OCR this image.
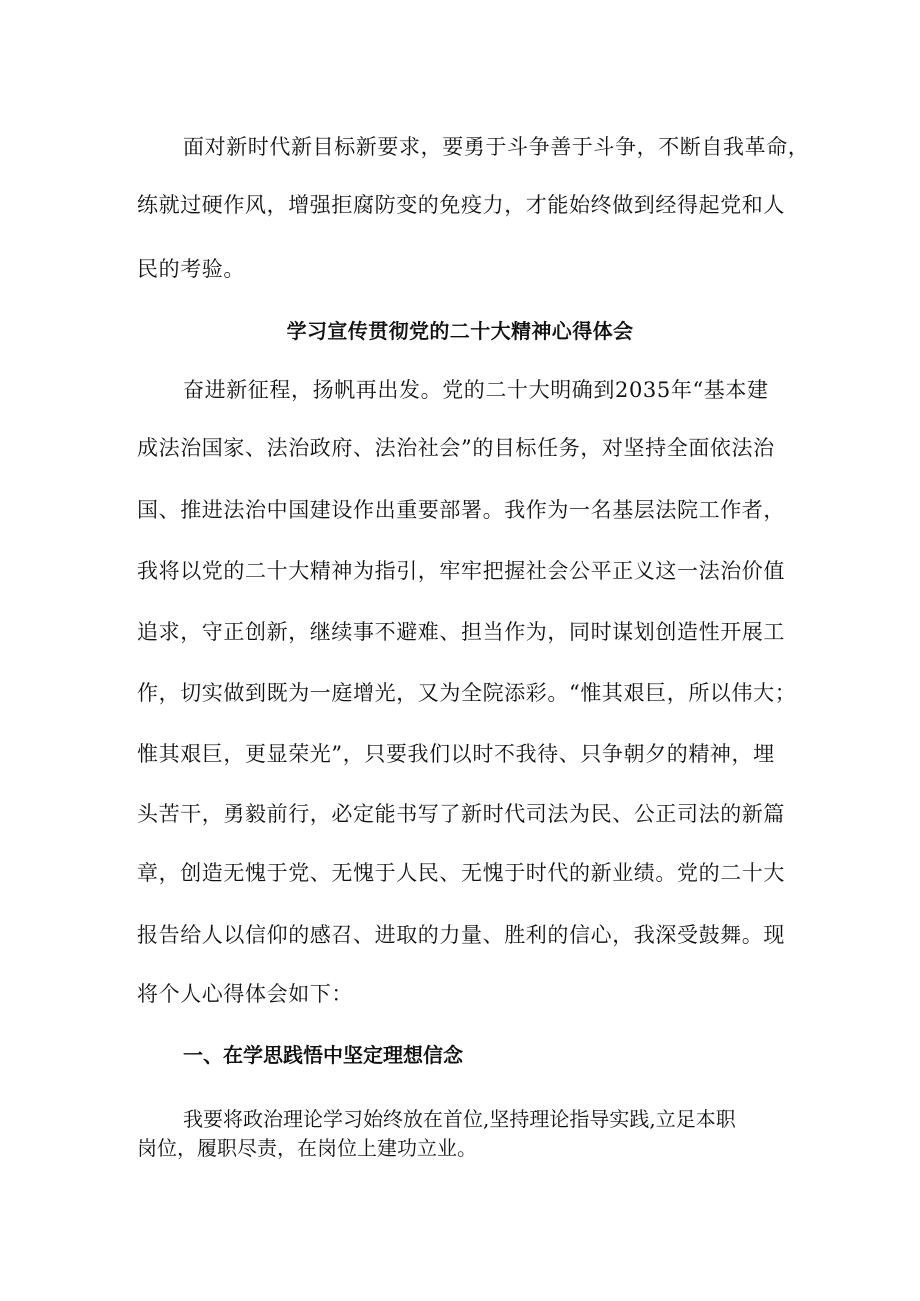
面对新时代新目标新要求，要勇于斗争善于斗争，不断自我革命，
练就过硬作风，增强拒腐防变的免疫力，才能始终做到经得起党和人
民的考验。
学习宣传贯彻党的二十大精神心得体会
奋进新征程，扬帆再出发。党的二十大明确到2035年“基本建
成法治国家、法治政府、法治社会”的目标任务，对坚持全面依法治
国、推进法治中国建设作出重要部署。我作为一名基层法院工作者，
我将以党的二十大精神为指引，牢牢把握社会公平正义这一法治价值
追求，守正创新，继续事不避难、担当作为，同时谋划创造性开展工
作，切实做到既为一庭增光，又为全院添彩。“惟其艰巨，所以伟大；
惟其艰巨，更显荣光”，只要我们以时不我待、只争朝夕的精神，埋
头苦干，勇毅前行，必定能书写了新时代司法为民、公正司法的新篇
章，创造无愧于党、无愧于人民、无愧于时代的新业绩。党的二十大
报告给人以信仰的感召、进取的力量、胜利的信心，我深受鼓舞。现
将个人心得体会如下：
一、在学思践悟中坚定理想信念
我要将政治理论学习始终放在首位,坚持理论指导实践,立足本职
岗位，履职尽责，在岗位上建功立业。
